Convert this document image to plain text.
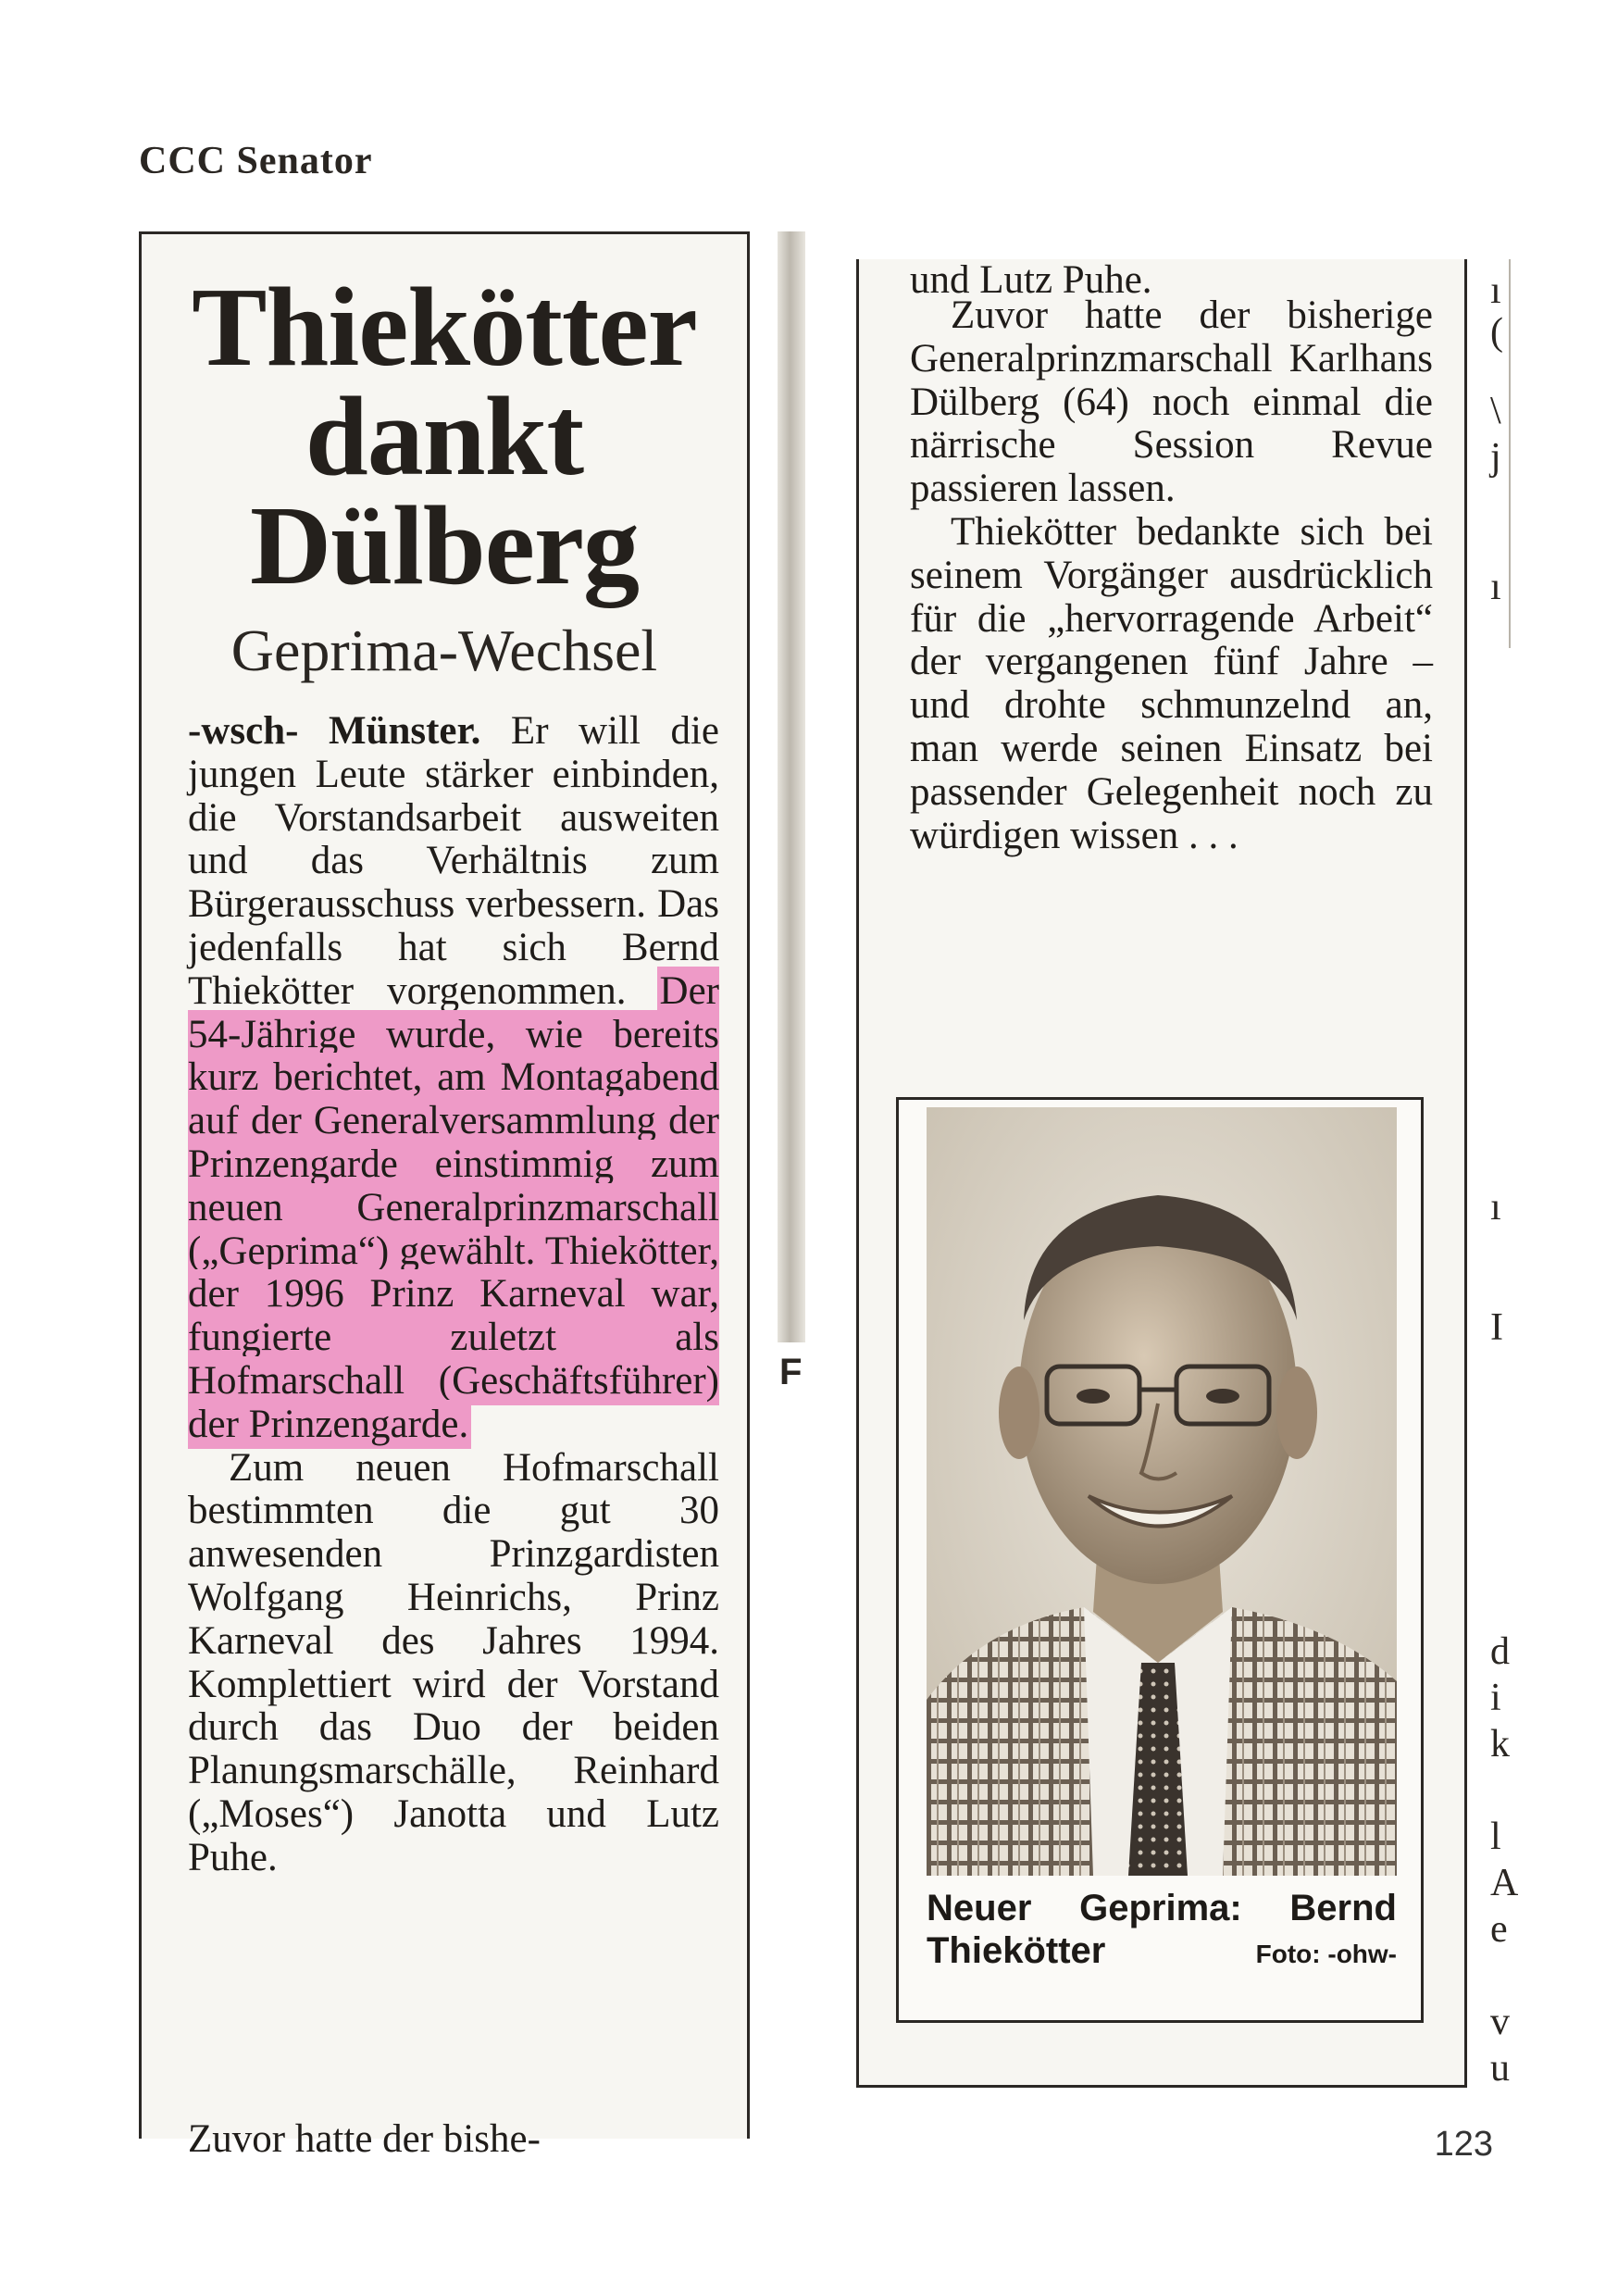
CCC Senator
Thiekötter
dankt
Dülberg
Geprima-Wechsel

-wsch- Münster. Er will die jungen Leute stärker einbinden, die Vorstandsarbeit ausweiten und das Verhältnis zum Bürgerausschuss verbessern. Das jedenfalls hat sich Bernd Thiekötter vorgenommen. Der 54-Jährige wurde, wie bereits kurz berichtet, am Montagabend auf der Generalversammlung der Prinzengarde einstimmig zum neuen Generalprinzmarschall („Geprima“) gewählt. Thiekötter, der 1996 Prinz Karneval war, fungierte zuletzt als Hofmarschall (Geschäftsführer) der Prinzengarde.

Zum neuen Hofmarschall bestimmten die gut 30 anwesenden Prinzgardisten Wolfgang Heinrichs, Prinz Karneval des Jahres 1994. Komplettiert wird der Vorstand durch das Duo der beiden Planungsmarschälle, Reinhard („Moses“) Janotta und Lutz Puhe.

Zuvor hatte der bishe-
F
und Lutz Puhe.

Zuvor hatte der bisherige Generalprinzmarschall Karlhans Dülberg (64) noch einmal die närrische Session Revue passieren lassen.

Thiekötter bedankte sich bei seinem Vorgänger ausdrücklich für die „hervorragende Arbeit“ der vergangenen fünf Jahre – und drohte schmunzelnd an, man werde seinen Einsatz bei passender Gelegenheit noch zu würdigen wissen . . .

Neuer Geprima: Bernd
Thiekötter	Foto: -ohw-
ı
(
\
j
ı
ı
I
d
i
k
l
A
e
v
u
123
